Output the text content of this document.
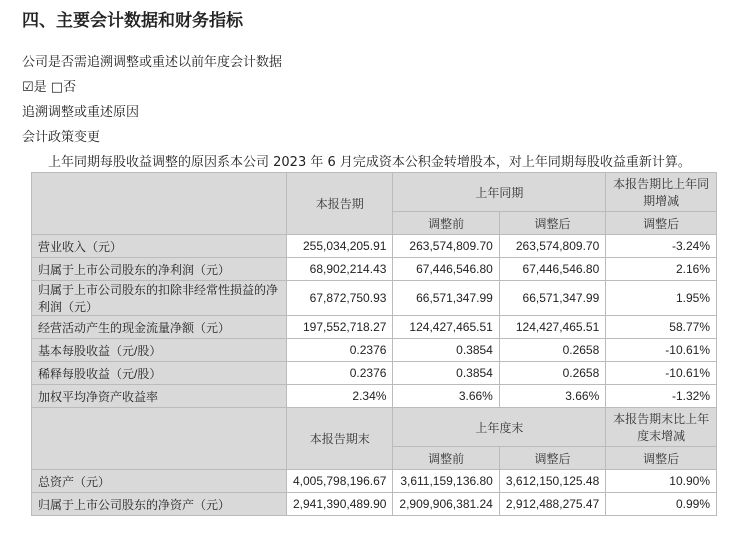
四、主要会计数据和财务指标
公司是否需追溯调整或重述以前年度会计数据
☑是 □否
追溯调整或重述原因
会计政策变更
上年同期每股收益调整的原因系本公司 2023 年 6 月完成资本公积金转增股本，对上年同期每股收益重新计算。
	本报告期	上年同期		本报告期比上年同期增减
		调整前	调整后	调整后
营业收入（元）	255,034,205.91	263,574,809.70	263,574,809.70	-3.24%
归属于上市公司股东的净利润（元）	68,902,214.43	67,446,546.80	67,446,546.80	2.16%
归属于上市公司股东的扣除非经常性损益的净利润（元）	67,872,750.93	66,571,347.99	66,571,347.99	1.95%
经营活动产生的现金流量净额（元）	197,552,718.27	124,427,465.51	124,427,465.51	58.77%
基本每股收益（元/股）	0.2376	0.3854	0.2658	-10.61%
稀释每股收益（元/股）	0.2376	0.3854	0.2658	-10.61%
加权平均净资产收益率	2.34%	3.66%	3.66%	-1.32%
	本报告期末	上年度末		本报告期末比上年度末增减
		调整前	调整后	调整后
总资产（元）	4,005,798,196.67	3,611,159,136.80	3,612,150,125.48	10.90%
归属于上市公司股东的净资产（元）	2,941,390,489.90	2,909,906,381.24	2,912,488,275.47	0.99%
